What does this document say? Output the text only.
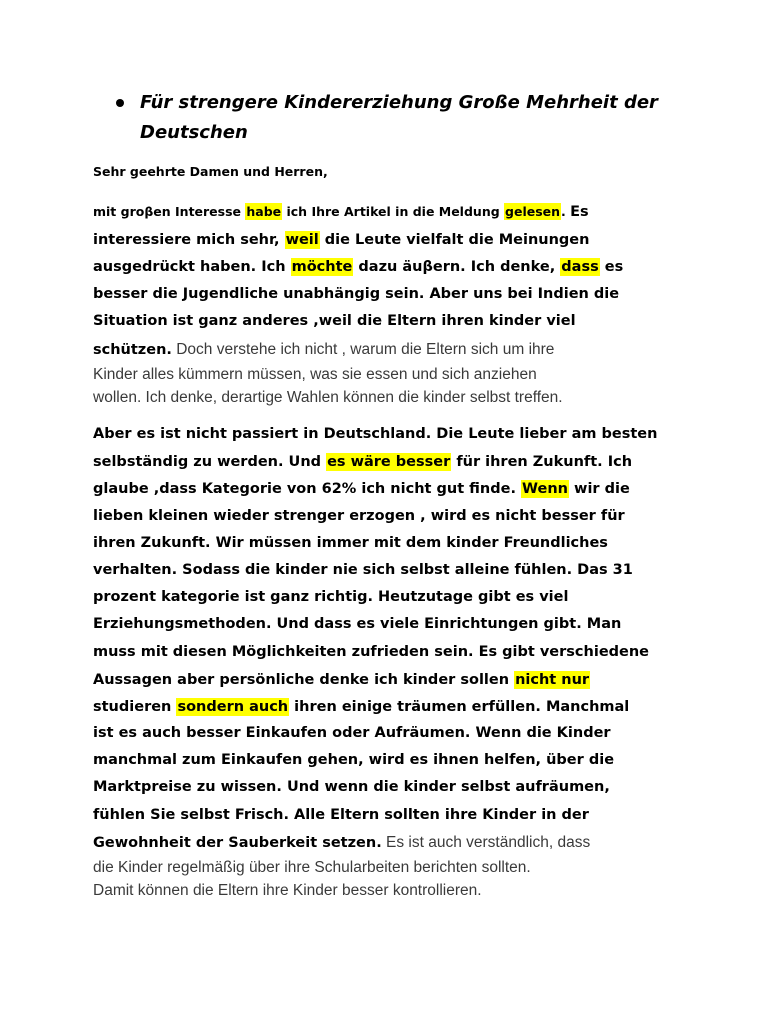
Für strengere Kindererziehung Große Mehrheit der
Deutschen
Sehr geehrte Damen und Herren,
mit groβen Interesse habe ich Ihre Artikel in die Meldung gelesen. Es
interessiere mich sehr, weil die Leute vielfalt die Meinungen
ausgedrückt haben. Ich möchte dazu äuβern. Ich denke, dass es
besser die Jugendliche unabhängig sein. Aber uns bei Indien die
Situation ist ganz anderes ,weil die Eltern ihren kinder viel
schützen. Doch verstehe ich nicht , warum die Eltern sich um ihre
Kinder alles kümmern müssen, was sie essen und sich anziehen
wollen. Ich denke, derartige Wahlen können die kinder selbst treffen.
Aber es ist nicht passiert in Deutschland. Die Leute lieber am besten
selbständig zu werden. Und es wäre besser für ihren Zukunft. Ich
glaube ,dass Kategorie von 62% ich nicht gut finde. Wenn wir die
lieben kleinen wieder strenger erzogen , wird es nicht besser für
ihren Zukunft. Wir müssen immer mit dem kinder Freundliches
verhalten. Sodass die kinder nie sich selbst alleine fühlen. Das 31
prozent kategorie ist ganz richtig. Heutzutage gibt es viel
Erziehungsmethoden. Und dass es viele Einrichtungen gibt. Man
muss mit diesen Möglichkeiten zufrieden sein. Es gibt verschiedene
Aussagen aber persönliche denke ich kinder sollen nicht nur
studieren sondern auch ihren einige träumen erfüllen. Manchmal
ist es auch besser Einkaufen oder Aufräumen. Wenn die Kinder
manchmal zum Einkaufen gehen, wird es ihnen helfen, über die
Marktpreise zu wissen. Und wenn die kinder selbst aufräumen,
fühlen Sie selbst Frisch. Alle Eltern sollten ihre Kinder in der
Gewohnheit der Sauberkeit setzen. Es ist auch verständlich, dass
die Kinder regelmäßig über ihre Schularbeiten berichten sollten.
Damit können die Eltern ihre Kinder besser kontrollieren.
